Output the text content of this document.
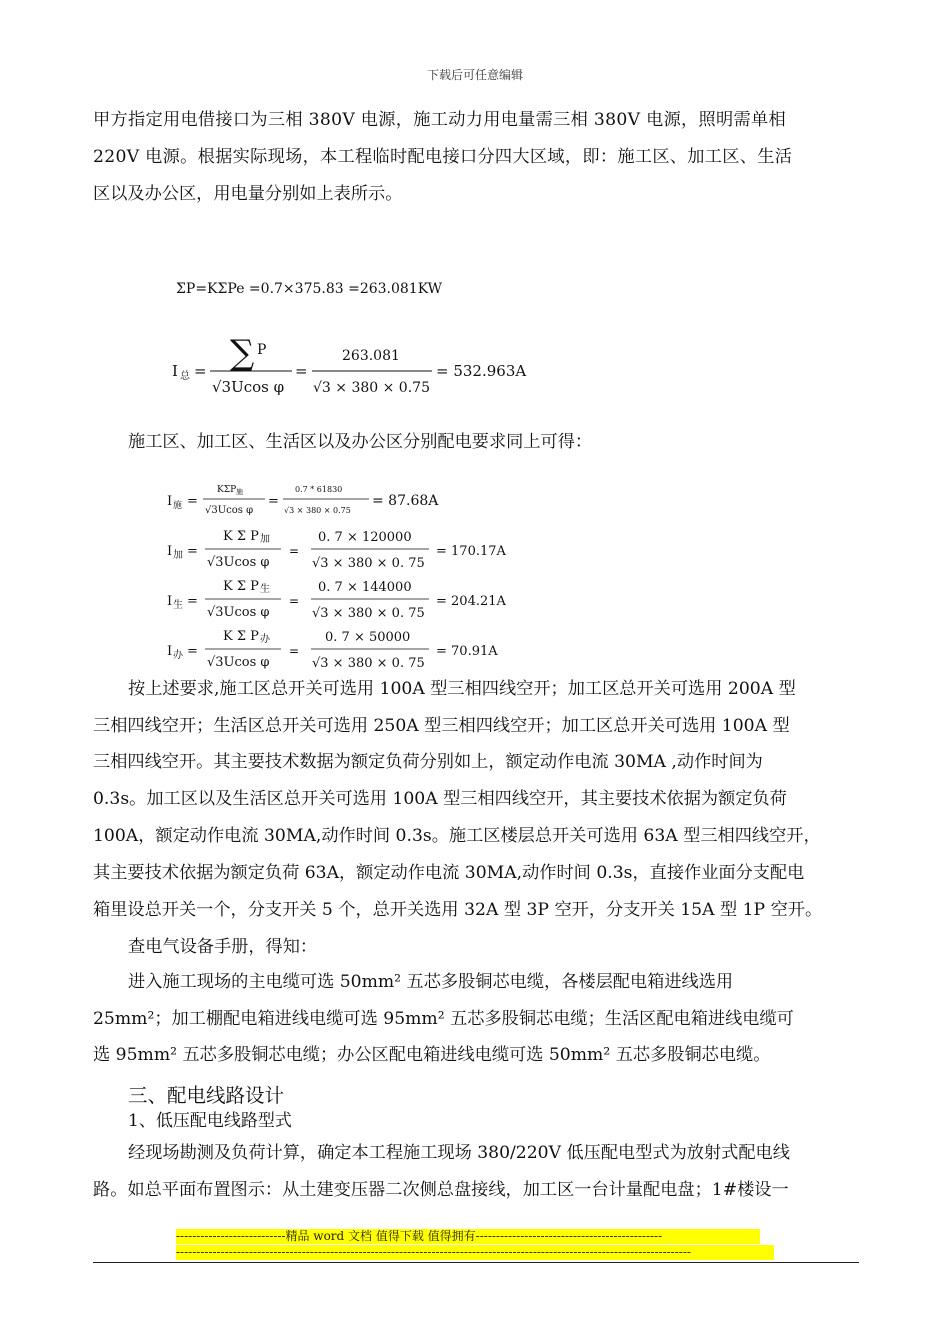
下载后可任意编辑
甲方指定用电借接口为三相 380V 电源，施工动力用电量需三相 380V 电源，照明需单相
220V 电源。根据实际现场，本工程临时配电接口分四大区域，即：施工区、加工区、生活
区以及办公区，用电量分别如上表所示。
ΣP=KΣPe =0.7×375.83 =263.081KW
I 总 = ∑ P
√3Ucos φ
=
263.081
√3 × 380 × 0.75
= 532.963A
施工区、加工区、生活区以及办公区分别配电要求同上可得：
I 施 =
KΣP 施
√3Ucos φ
=
0.7 * 61830
√3 × 380 × 0.75
= 87.68A
I 加 =
K Σ P 加
√3Ucos φ
=
0. 7 × 120000
√3 × 380 × 0. 75
= 170.17A
I 生 =
K Σ P 生
√3Ucos φ
=
0. 7 × 144000
√3 × 380 × 0. 75
= 204.21A
I 办 =
K Σ P 办
√3Ucos φ
=
0. 7 × 50000
√3 × 380 × 0. 75
= 70.91A
按上述要求,施工区总开关可选用 100A 型三相四线空开；加工区总开关可选用 200A 型
三相四线空开；生活区总开关可选用 250A 型三相四线空开；加工区总开关可选用 100A 型
三相四线空开。其主要技术数据为额定负荷分别如上，额定动作电流 30MA ,动作时间为
0.3s。加工区以及生活区总开关可选用 100A 型三相四线空开，其主要技术依据为额定负荷
100A，额定动作电流 30MA,动作时间 0.3s。施工区楼层总开关可选用 63A 型三相四线空开，
其主要技术依据为额定负荷 63A，额定动作电流 30MA,动作时间 0.3s，直接作业面分支配电
箱里设总开关一个，分支开关 5 个，总开关选用 32A 型 3P 空开，分支开关 15A 型 1P 空开。
查电气设备手册，得知：
进入施工现场的主电缆可选 50mm² 五芯多股铜芯电缆，各楼层配电箱进线选用
25mm²；加工棚配电箱进线电缆可选 95mm² 五芯多股铜芯电缆；生活区配电箱进线电缆可
选 95mm² 五芯多股铜芯电缆；办公区配电箱进线电缆可选 50mm² 五芯多股铜芯电缆。
三、配电线路设计
1、低压配电线路型式
经现场勘测及负荷计算，确定本工程施工现场 380/220V 低压配电型式为放射式配电线
路。如总平面布置图示：从土建变压器二次侧总盘接线，加工区一台计量配电盘；1#楼设一
---------------------------精品 word 文档 值得下载 值得拥有----------------------------------------------
-------------------------------------------------------------------------------------------------------------------------------
